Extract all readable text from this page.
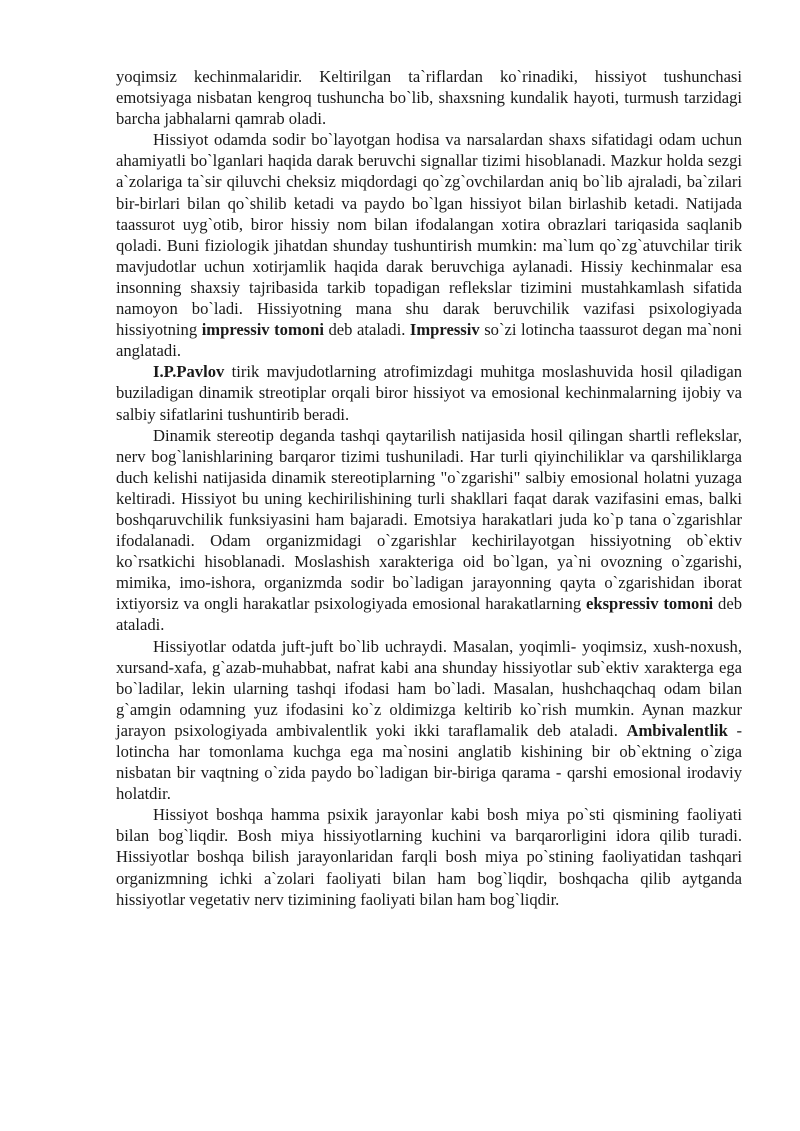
yoqimsiz kechinmalaridir. Keltirilgan ta`riflardan ko`rinadiki, hissiyot tushunchasi emotsiyaga nisbatan kengroq tushuncha bo`lib, shaxsning kundalik hayoti, turmush tarzidagi barcha jabhalarni qamrab oladi.

Hissiyot odamda sodir bo`layotgan hodisa va narsalardan shaxs sifatidagi odam uchun ahamiyatli bo`lganlari haqida darak beruvchi signallar tizimi hisoblanadi. Mazkur holda sezgi a`zolariga ta`sir qiluvchi cheksiz miqdordagi qo`zg`ovchilardan aniq bo`lib ajraladi, ba`zilari bir-birlari bilan qo`shilib ketadi va paydo bo`lgan hissiyot bilan birlashib ketadi. Natijada taassurot uyg`otib, biror hissiy nom bilan ifodalangan xotira obrazlari tariqasida saqlanib qoladi. Buni fiziologik jihatdan shunday tushuntirish mumkin: ma`lum qo`zg`atuvchilar tirik mavjudotlar uchun xotirjamlik haqida darak beruvchiga aylanadi. Hissiy kechinmalar esa insonning shaxsiy tajribasida tarkib topadigan reflekslar tizimini mustahkamlash sifatida namoyon bo`ladi. Hissiyotning mana shu darak beruvchilik vazifasi psixologiyada hissiyotning impressiv tomoni deb ataladi. Impressiv so`zi lotincha taassurot degan ma`noni anglatadi.

I.P.Pavlov tirik mavjudotlarning atrofimizdagi muhitga moslashuvida hosil qiladigan buziladigan dinamik streotiplar orqali biror hissiyot va emosional kechinmalarning ijobiy va salbiy sifatlarini tushuntirib beradi.

Dinamik stereotip deganda tashqi qaytarilish natijasida hosil qilingan shartli reflekslar, nerv bog`lanishlarining barqaror tizimi tushuniladi. Har turli qiyinchiliklar va qarshiliklarga duch kelishi natijasida dinamik stereotiplarning "o`zgarishi" salbiy emosional holatni yuzaga keltiradi. Hissiyot bu uning kechirilishining turli shakllari faqat darak vazifasini emas, balki boshqaruvchilik funksiyasini ham bajaradi. Emotsiya harakatlari juda ko`p tana o`zgarishlar ifodalanadi. Odam organizmidagi o`zgarishlar kechirilayotgan hissiyotning ob`ektiv ko`rsatkichi hisoblanadi. Moslashish xarakteriga oid bo`lgan, ya`ni ovozning o`zgarishi, mimika, imo-ishora, organizmda sodir bo`ladigan jarayonning qayta o`zgarishidan iborat ixtiyorsiz va ongli harakatlar psixologiyada emosional harakatlarning ekspressiv tomoni deb ataladi.

Hissiyotlar odatda juft-juft bo`lib uchraydi. Masalan, yoqimli- yoqimsiz, xush-noxush, xursand-xafa, g`azab-muhabbat, nafrat kabi ana shunday hissiyotlar sub`ektiv xarakterga ega bo`ladilar, lekin ularning tashqi ifodasi ham bo`ladi. Masalan, hushchaqchaq odam bilan g`amgin odamning yuz ifodasini ko`z oldimizga keltirib ko`rish mumkin. Aynan mazkur jarayon psixologiyada ambivalentlik yoki ikki taraflamalik deb ataladi. Ambivalentlik - lotincha har tomonlama kuchga ega ma`nosini anglatib kishining bir ob`ektning o`ziga nisbatan bir vaqtning o`zida paydo bo`ladigan bir-biriga qarama - qarshi emosional irodaviy holatdir.

Hissiyot boshqa hamma psixik jarayonlar kabi bosh miya po`sti qismining faoliyati bilan bog`liqdir. Bosh miya hissiyotlarning kuchini va barqarorligini idora qilib turadi. Hissiyotlar boshqa bilish jarayonlaridan farqli bosh miya po`stining faoliyatidan tashqari organizmning ichki a`zolari faoliyati bilan ham bog`liqdir, boshqacha qilib aytganda hissiyotlar vegetativ nerv tizimining faoliyati bilan ham bog`liqdir.
